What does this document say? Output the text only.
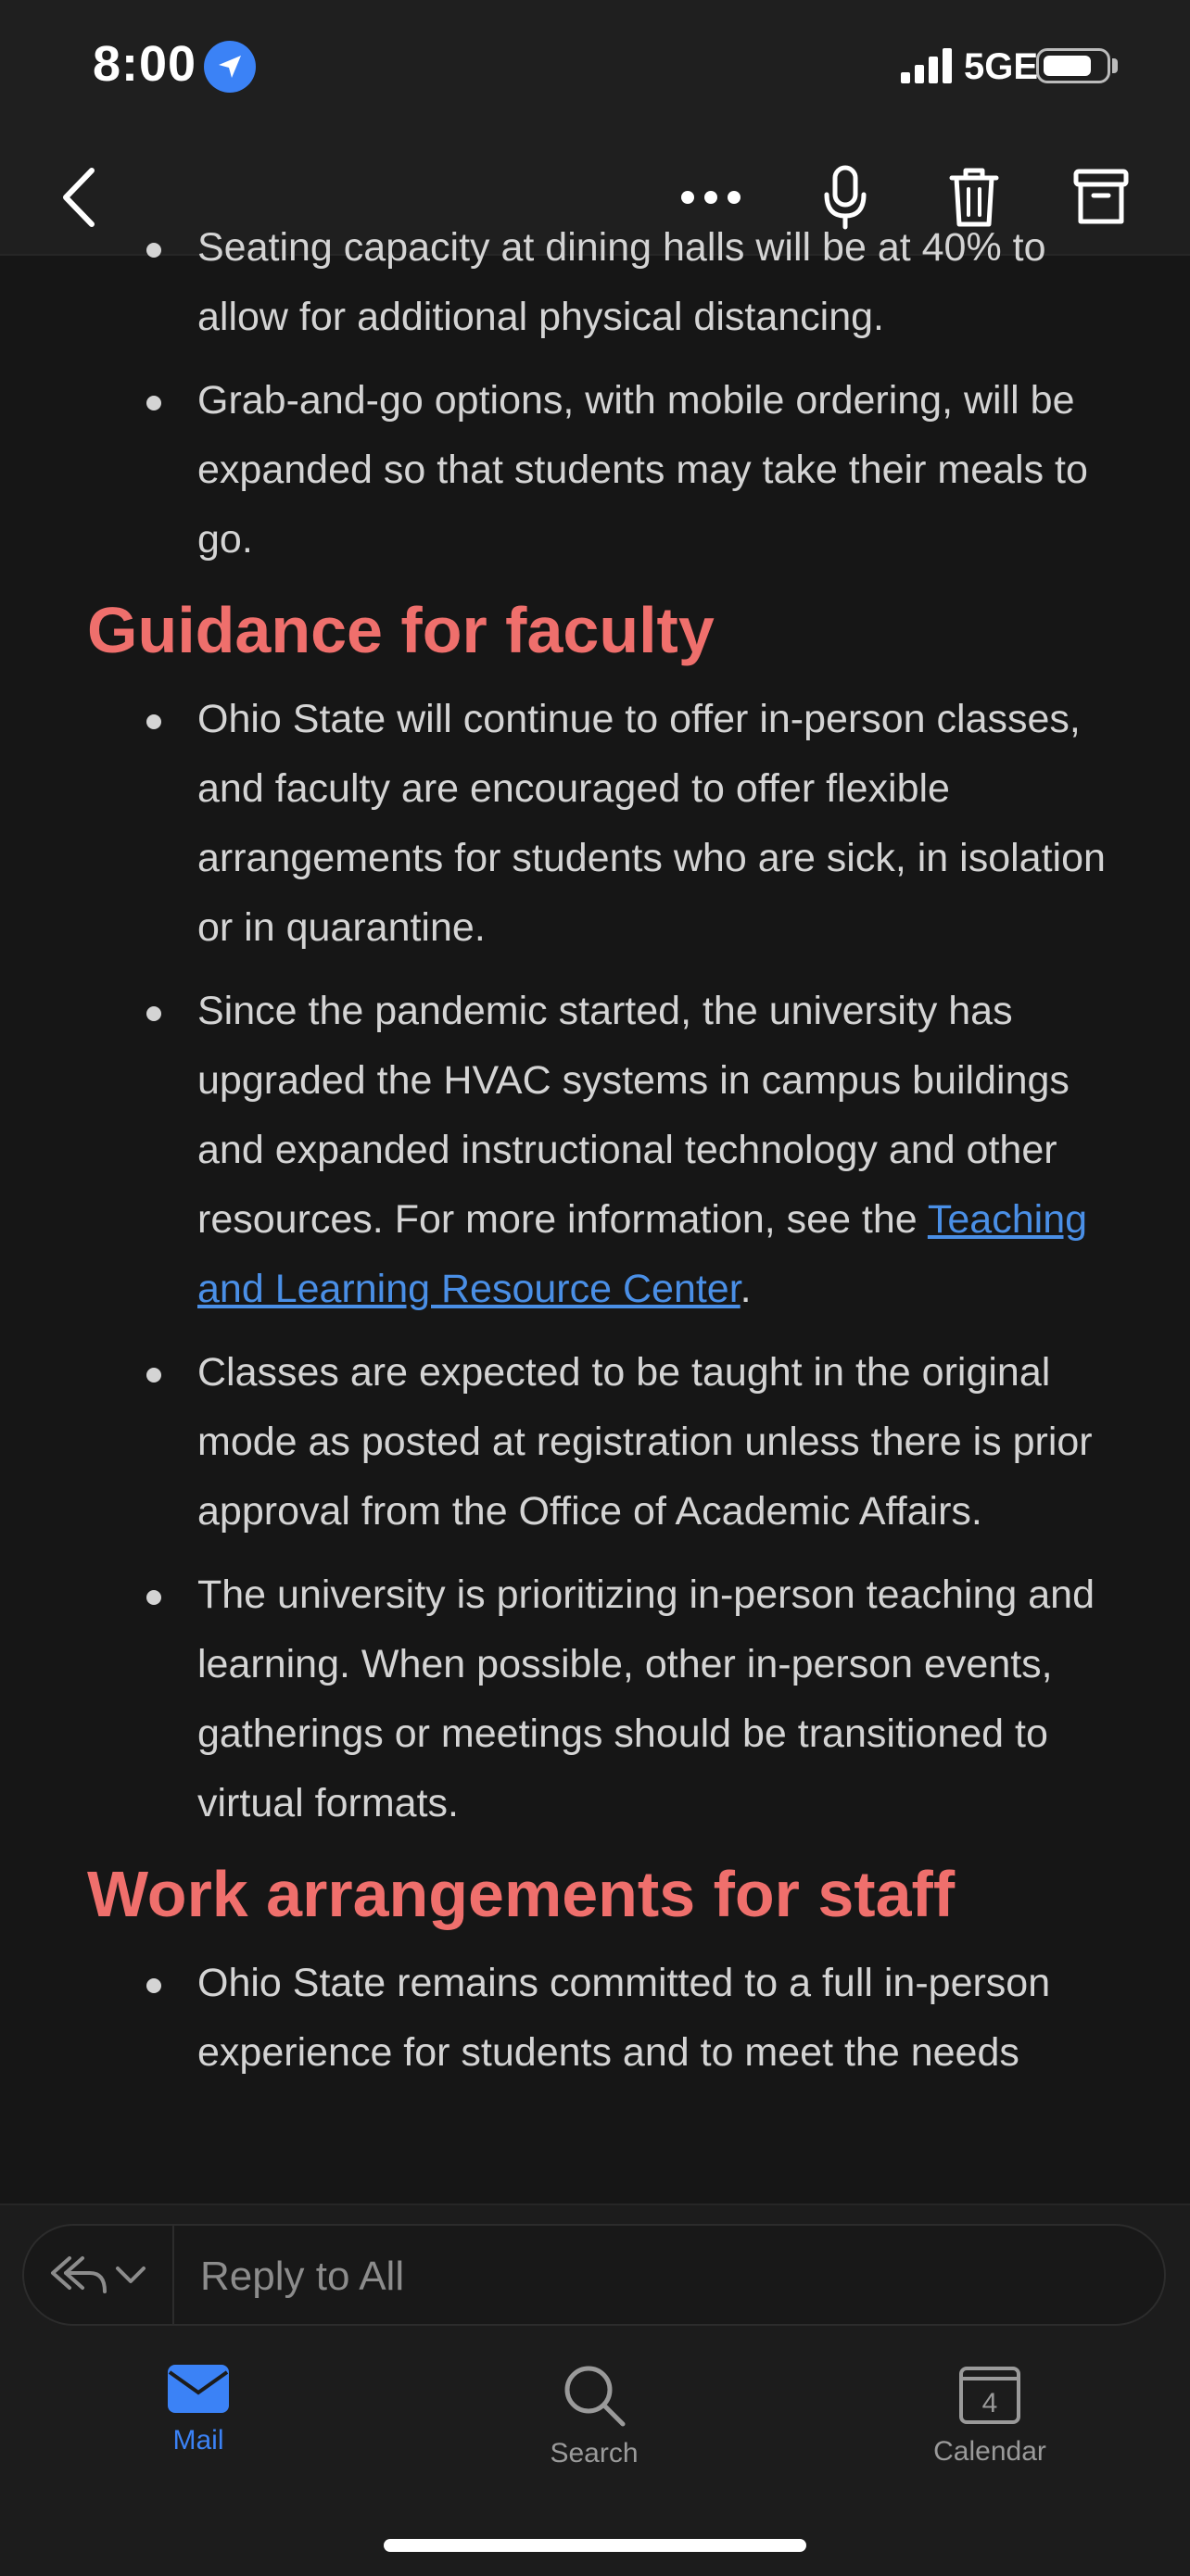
8:00	5GE
Seating capacity at dining halls will be at 40% to allow for additional physical distancing.
Grab-and-go options, with mobile ordering, will be expanded so that students may take their meals to go.
Guidance for faculty
Ohio State will continue to offer in-person classes, and faculty are encouraged to offer flexible arrangements for students who are sick, in isolation or in quarantine.
Since the pandemic started, the university has upgraded the HVAC systems in campus buildings and expanded instructional technology and other resources. For more information, see the Teaching and Learning Resource Center.
Classes are expected to be taught in the original mode as posted at registration unless there is prior approval from the Office of Academic Affairs.
The university is prioritizing in-person teaching and learning. When possible, other in-person events, gatherings or meetings should be transitioned to virtual formats.
Work arrangements for staff
Ohio State remains committed to a full in-person experience for students and to meet the needs
Reply to All
Mail	Search
4
Calendar
